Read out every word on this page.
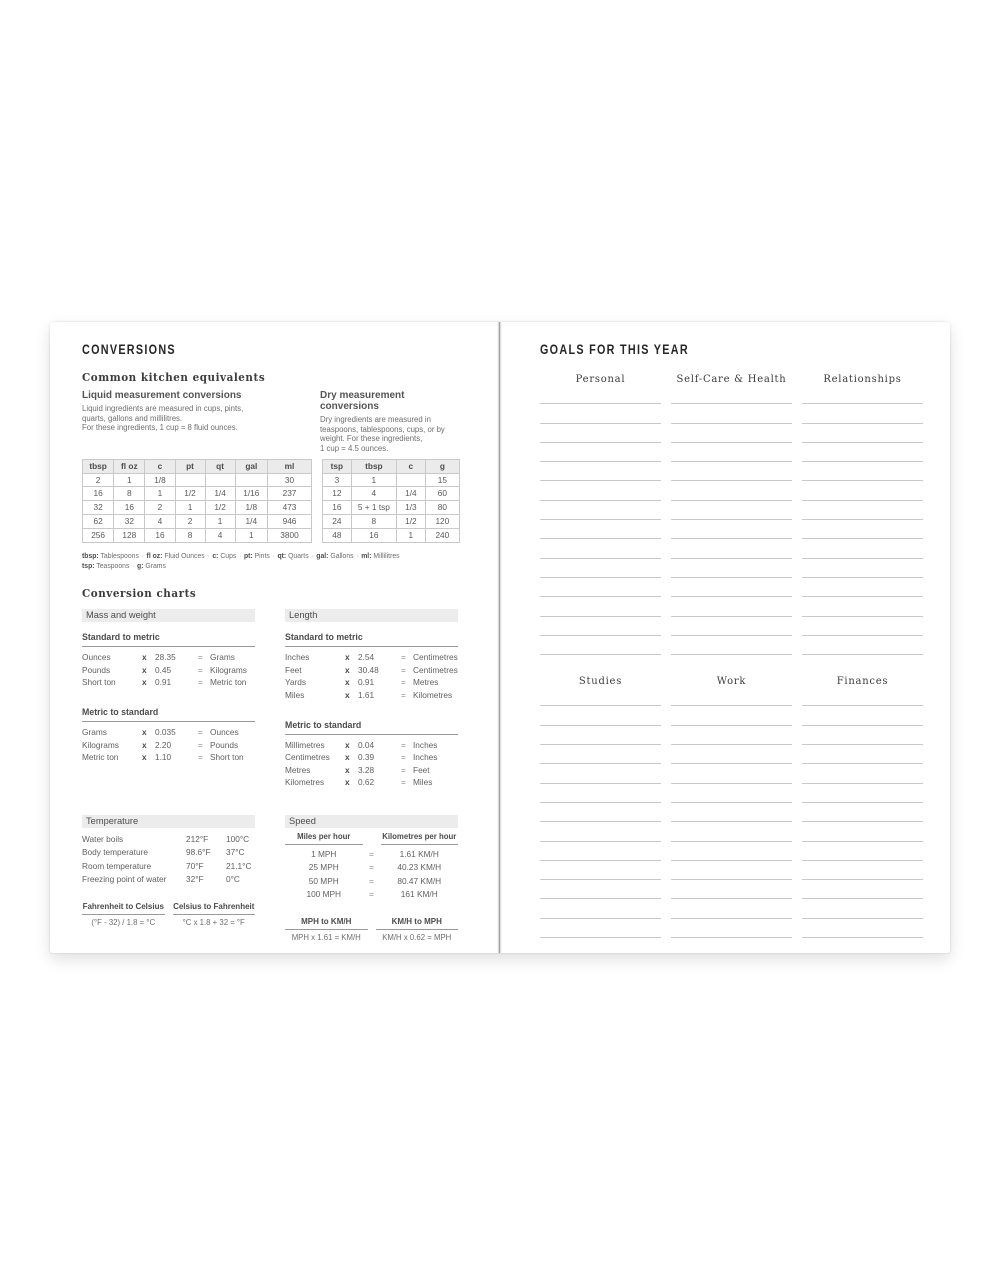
CONVERSIONS
Common kitchen equivalents
Liquid measurement conversions
Liquid ingredients are measured in cups, pints,
quarts, gallons and millilitres.
For these ingredients, 1 cup = 8 fluid ounces.
Dry measurement conversions
Dry ingredients are measured in
teaspoons, tablespoons, cups, or by
weight. For these ingredients,
1 cup = 4.5 ounces.
tbsp	fl oz	c	pt	qt	gal	ml
2	1	1/8				30
16	8	1	1/2	1/4	1/16	237
32	16	2	1	1/2	1/8	473
62	32	4	2	1	1/4	946
256	128	16	8	4	1	3800
tsp	tbsp	c	g
3	1		15
12	4	1/4	60
16	5 + 1 tsp	1/3	80
24	8	1/2	120
48	16	1	240
tbsp: Tablespoons · fl oz: Fluid Ounces · c: Cups · pt: Pints · qt: Quarts · gal: Gallons · ml: Millilitres
tsp: Teaspoons · g: Grams
Conversion charts
Mass and weight
Standard to metric
Ounces	x	28.35	= Grams
Pounds	x	0.45	= Kilograms
Short ton	x	0.91	= Metric ton
Metric to standard
Grams	x	0.035	= Ounces
Kilograms	x	2.20	= Pounds
Metric ton	x	1.10	= Short ton
Length
Standard to metric
Inches	x	2.54	= Centimetres
Feet	x	30.48	= Centimetres
Yards	x	0.91	= Metres
Miles	x	1.61	= Kilometres
Metric to standard
Millimetres	x	0.04	= Inches
Centimetres	x	0.39	= Inches
Metres	x	3.28	= Feet
Kilometres	x	0.62	= Miles
Temperature
Water boils	212°F	100°C
Body temperature	98.6°F	37°C
Room temperature	70°F	21.1°C
Freezing point of water	32°F	0°C
Fahrenheit to Celsius
(°F - 32) / 1.8 = °C
Celsius to Fahrenheit
°C x 1.8 + 32 = °F
Speed
Miles per hour	Kilometres per hour
1 MPH	=	1.61 KM/H
25 MPH	=	40.23 KM/H
50 MPH	=	80.47 KM/H
100 MPH	=	161 KM/H
MPH to KM/H
MPH x 1.61 = KM/H
KM/H to MPH
KM/H x 0.62 = MPH
GOALS FOR THIS YEAR
Personal	Self-Care & Health	Relationships
Studies	Work	Finances
